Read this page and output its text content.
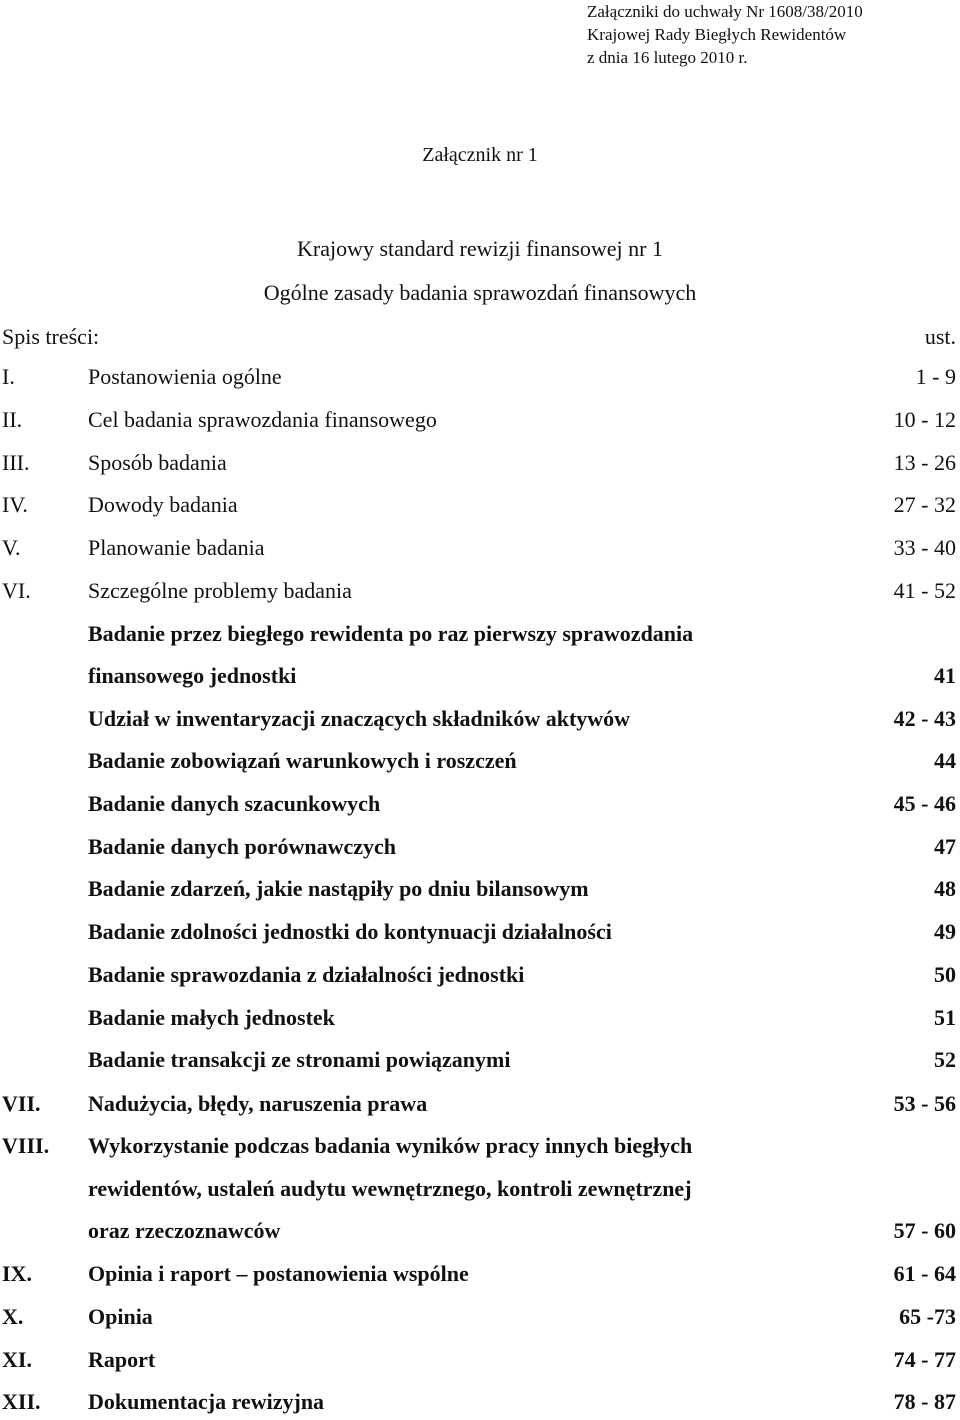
Załączniki do uchwały Nr 1608/38/2010
Krajowej Rady Biegłych Rewidentów
z dnia 16 lutego 2010 r.
Załącznik nr 1
Krajowy standard rewizji finansowej nr 1
Ogólne zasady badania sprawozdań finansowych
Spis treści:	ust.
I.	Postanowienia ogólne	1 - 9
II.	Cel badania sprawozdania finansowego	10 - 12
III.	Sposób badania	13 - 26
IV.	Dowody badania	27 - 32
V.	Planowanie badania	33 - 40
VI.	Szczególne problemy badania	41 - 52
Badanie przez biegłego rewidenta po raz pierwszy sprawozdania
finansowego jednostki	41
Udział w inwentaryzacji znaczących składników aktywów	42 - 43
Badanie zobowiązań warunkowych i roszczeń	44
Badanie danych szacunkowych	45 - 46
Badanie danych porównawczych	47
Badanie zdarzeń, jakie nastąpiły po dniu bilansowym	48
Badanie zdolności jednostki do kontynuacji działalności	49
Badanie sprawozdania z działalności jednostki	50
Badanie małych jednostek	51
Badanie transakcji ze stronami powiązanymi	52
VII. Nadużycia, błędy, naruszenia prawa	53 - 56
VIII. Wykorzystanie podczas badania wyników pracy innych biegłych
rewidentów, ustaleń audytu wewnętrznego, kontroli zewnętrznej
oraz rzeczoznawców	57 - 60
IX.	Opinia i raport – postanowienia wspólne	61 - 64
X.	Opinia	65 -73
XI.	Raport	74 - 77
XII. Dokumentacja rewizyjna	78 - 87
